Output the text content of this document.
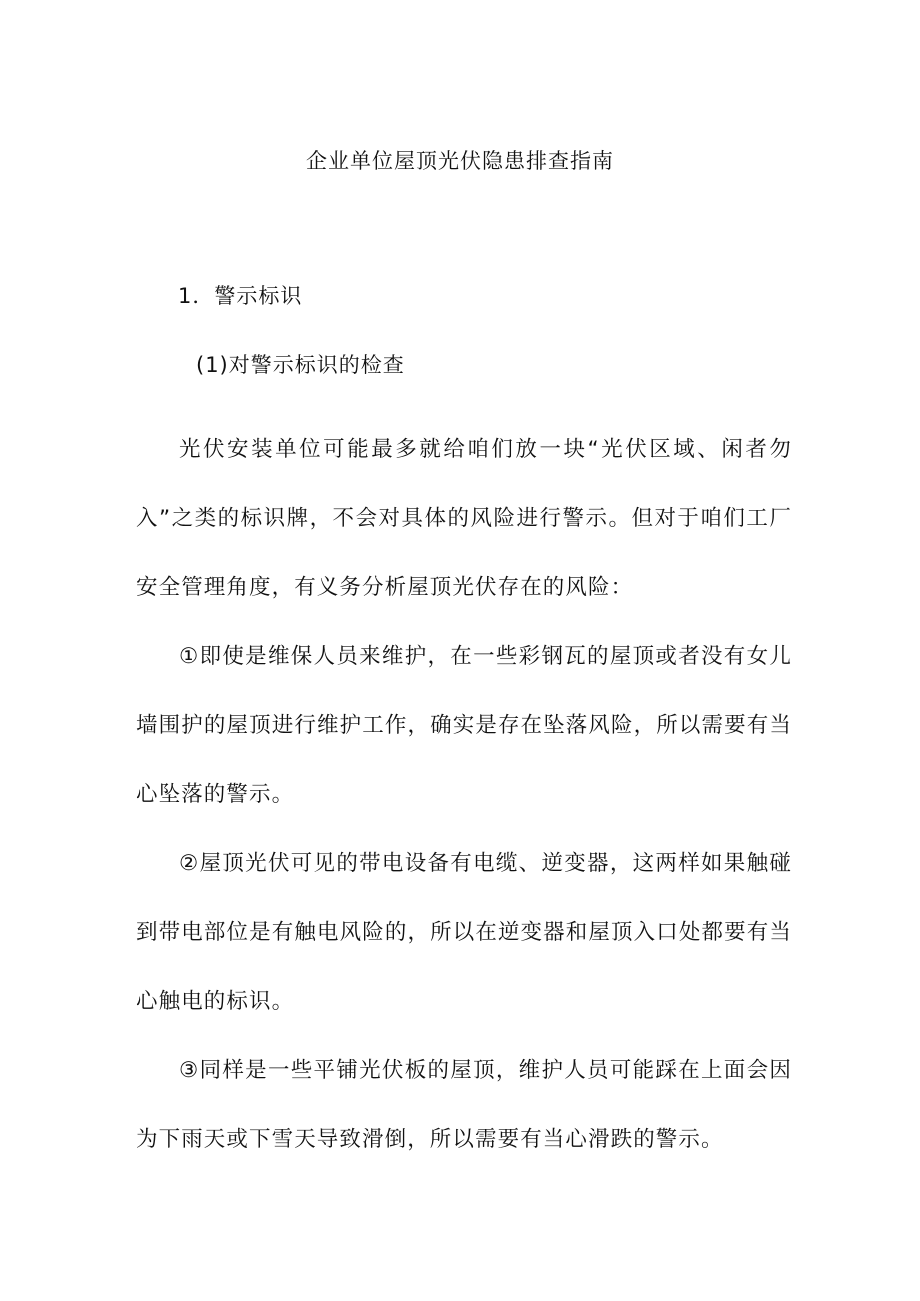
企业单位屋顶光伏隐患排查指南
1．警示标识
(1)对警示标识的检查

光伏安装单位可能最多就给咱们放一块“光伏区域、闲者勿入”之类的标识牌，不会对具体的风险进行警示。但对于咱们工厂安全管理角度，有义务分析屋顶光伏存在的风险：

①即使是维保人员来维护，在一些彩钢瓦的屋顶或者没有女儿墙围护的屋顶进行维护工作，确实是存在坠落风险，所以需要有当心坠落的警示。

②屋顶光伏可见的带电设备有电缆、逆变器，这两样如果触碰到带电部位是有触电风险的，所以在逆变器和屋顶入口处都要有当心触电的标识。

③同样是一些平铺光伏板的屋顶，维护人员可能踩在上面会因为下雨天或下雪天导致滑倒，所以需要有当心滑跌的警示。
